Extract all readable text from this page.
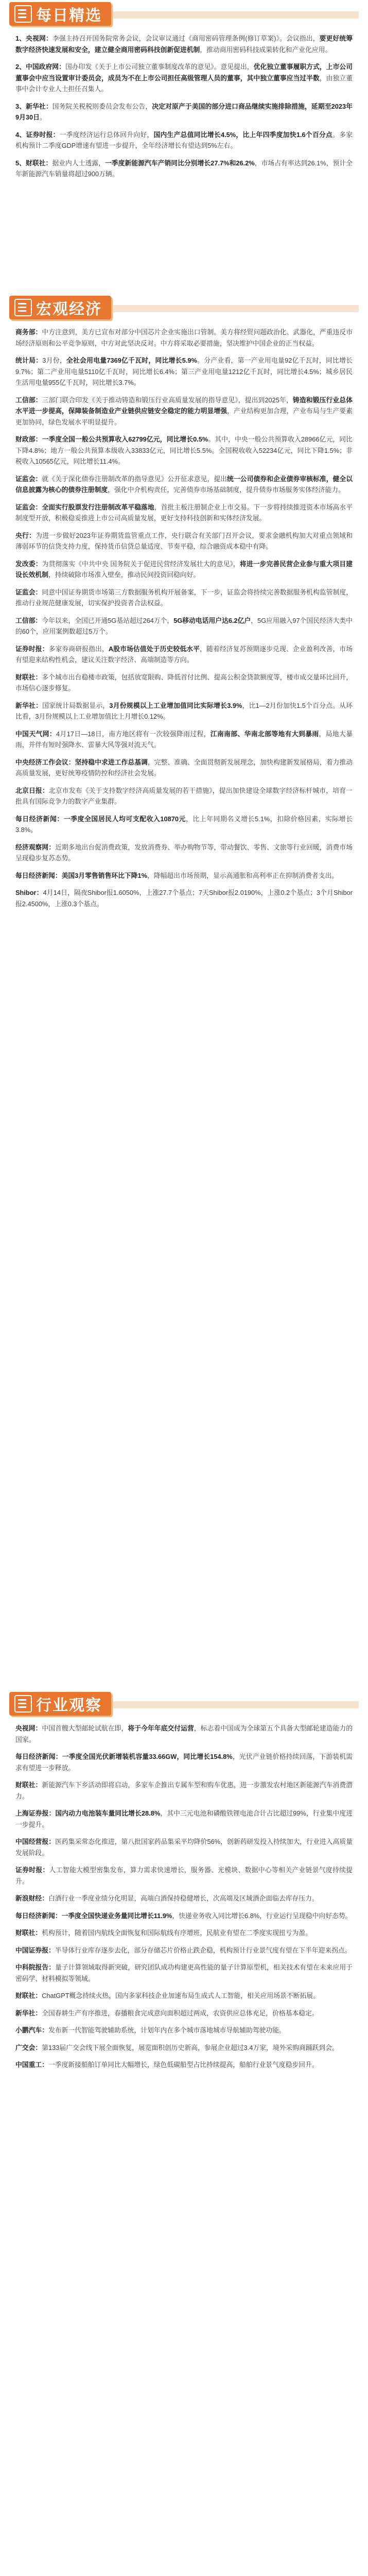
每日精选

1、央视网：李强主持召开国务院常务会议，会议审议通过《商用密码管理条例(修订草案)》。会议指出，要更好统筹数字经济快速发展和安全，建立健全商用密码科技创新促进机制，推动商用密码科技成果转化和产业化应用。

2、中国政府网：国办印发《关于上市公司独立董事制度改革的意见》。意见提出，优化独立董事履职方式，上市公司董事会中应当设置审计委员会，成员为不在上市公司担任高级管理人员的董事，其中独立董事应当过半数，由独立董事中会计专业人士担任召集人。

3、新华社：国务院关税税则委员会发布公告，决定对原产于美国的部分进口商品继续实施排除措施，延期至2023年9月30日。

4、证券时报：一季度经济运行总体回升向好，国内生产总值同比增长4.5%，比上年四季度加快1.6个百分点。多家机构预计二季度GDP增速有望进一步提升，全年经济增长有望达到5%左右。

5、财联社：据业内人士透露，一季度新能源汽车产销同比分别增长27.7%和26.2%，市场占有率达到26.1%，预计全年新能源汽车销量将超过900万辆。

宏观经济

商务部：中方注意到，美方已宣布对部分中国芯片企业实施出口管制。美方将经贸问题政治化、武器化，严重违反市场经济原则和公平竞争原则，中方对此坚决反对。中方将采取必要措施，坚决维护中国企业的正当权益。

统计局：3月份，全社会用电量7369亿千瓦时，同比增长5.9%。分产业看，第一产业用电量92亿千瓦时，同比增长9.7%；第二产业用电量5110亿千瓦时，同比增长6.4%；第三产业用电量1212亿千瓦时，同比增长4.5%；城乡居民生活用电量955亿千瓦时，同比增长3.7%。

工信部：三部门联合印发《关于推动铸造和锻压行业高质量发展的指导意见》，提出到2025年，铸造和锻压行业总体水平进一步提高，保障装备制造业产业链供应链安全稳定的能力明显增强，产业结构更加合理，产业布局与生产要素更加协同，绿色发展水平明显提升。

财政部：一季度全国一般公共预算收入62799亿元，同比增长0.5%。其中，中央一般公共预算收入28966亿元，同比下降4.8%；地方一般公共预算本级收入33833亿元，同比增长5.5%。全国税收收入52234亿元，同比下降1.5%；非税收入10565亿元，同比增长11.4%。

证监会：就《关于深化债券注册制改革的指导意见》公开征求意见，提出统一公司债券和企业债券审核标准，健全以信息披露为核心的债券注册制度，强化中介机构责任，完善债券市场基础制度，提升债券市场服务实体经济能力。

证监会：全面实行股票发行注册制改革平稳落地，首批主板注册制企业上市交易。下一步将持续推进资本市场高水平制度型开放，积极稳妥推进上市公司高质量发展，更好支持科技创新和实体经济发展。

央行：为进一步做好2023年证券期货监管重点工作，央行联合有关部门召开会议，要求金融机构加大对重点领域和薄弱环节的信贷支持力度，保持货币信贷总量适度、节奏平稳，综合融资成本稳中有降。

发改委：为贯彻落实《中共中央 国务院关于促进民营经济发展壮大的意见》，将进一步完善民营企业参与重大项目建设长效机制，持续破除市场准入壁垒，推动民间投资回稳向好。

证监会：同意中国证券期货市场第三方数据服务机构开展备案，下一步，证监会将持续完善数据服务机构监管制度，推动行业规范健康发展，切实保护投资者合法权益。

工信部：今年以来，全国已开通5G基站超过264万个，5G移动电话用户达6.2亿户，5G应用融入97个国民经济大类中的60个，应用案例数超过5万个。

证券时报：多家券商研报指出，A股市场估值处于历史较低水平，随着经济复苏预期逐步兑现、企业盈利改善，市场有望迎来结构性机会，建议关注数字经济、高端制造等方向。

财联社：多个城市出台稳楼市政策，包括放宽限购、降低首付比例、提高公积金贷款额度等，楼市成交量环比回升，市场信心逐步修复。

新华社：国家统计局数据显示，3月份规模以上工业增加值同比实际增长3.9%，比1—2月份加快1.5个百分点。从环比看，3月份规模以上工业增加值比上月增长0.12%。

中国天气网：4月17日—18日，南方地区将有一次较强降雨过程，江南南部、华南北部等地有大到暴雨，局地大暴雨，并伴有短时强降水、雷暴大风等强对流天气。

中央经济工作会议：坚持稳中求进工作总基调，完整、准确、全面贯彻新发展理念，加快构建新发展格局，着力推动高质量发展，更好统筹疫情防控和经济社会发展。

北京日报：北京市发布《关于支持数字经济高质量发展的若干措施》，提出加快建设全球数字经济标杆城市，培育一批具有国际竞争力的数字产业集群。

每日经济新闻：一季度全国居民人均可支配收入10870元，比上年同期名义增长5.1%，扣除价格因素，实际增长3.8%。

经济观察网：近期多地出台促消费政策，发放消费券、举办购物节等，带动餐饮、零售、文旅等行业回暖，消费市场呈现稳步复苏态势。

每日经济新闻：美国3月零售销售环比下降1%，降幅超出市场预期，显示高通胀和高利率正在抑制消费者支出。

Shibor：4月14日，隔夜Shibor报1.6050%，上涨27.7个基点；7天Shibor报2.0190%，上涨0.2个基点；3个月Shibor报2.4500%，上涨0.3个基点。

行业观察

央视网：中国首艘大型邮轮试航在即，将于今年年底交付运营，标志着中国成为全球第五个具备大型邮轮建造能力的国家。

每日经济新闻：一季度全国光伏新增装机容量33.66GW，同比增长154.8%，光伏产业链价格持续回落，下游装机需求有望进一步释放。

财联社：新能源汽车下乡活动即将启动，多家车企推出专属车型和购车优惠，进一步激发农村地区新能源汽车消费潜力。

上海证券报：国内动力电池装车量同比增长28.8%，其中三元电池和磷酸铁锂电池合计占比超过99%，行业集中度进一步提升。

中国经营报：医药集采常态化推进，第八批国家药品集采平均降价56%，创新药研发投入持续加大，行业进入高质量发展阶段。

证券时报：人工智能大模型密集发布，算力需求快速增长，服务器、光模块、数据中心等相关产业链景气度持续提升。

新浪财经：白酒行业一季度业绩分化明显，高端白酒保持稳健增长，次高端及区域酒企面临去库存压力。

每日经济新闻：一季度全国快递业务量同比增长11.9%，快递业务收入同比增长6.8%，行业运行呈现稳中向好态势。

财联社：机构预计，随着国内航线全面恢复和国际航线有序增班，民航业有望在二季度实现扭亏为盈。

中国证券报：半导体行业库存逐步去化，部分存储芯片价格止跌企稳，机构预计行业景气度有望在下半年迎来拐点。

中科院报告：量子计算领域取得新突破，研究团队成功构建更高性能的量子计算原型机，相关技术有望在未来应用于密码学、材料模拟等领域。

财联社：ChatGPT概念持续火热，国内多家科技企业加速布局生成式人工智能，相关应用场景不断拓展。

新华社：全国春耕生产有序推进，春播粮食完成意向面积超过两成，农资供应总体充足，价格基本稳定。

小鹏汽车：发布新一代智能驾驶辅助系统，计划年内在多个城市落地城市导航辅助驾驶功能。

广交会：第133届广交会线下展全面恢复，展览面积创历史新高，参展企业超过3.4万家，境外采购商踊跃到会。

中国重工：一季度新接船舶订单同比大幅增长，绿色低碳船型占比持续提高，船舶行业景气度稳步回升。
